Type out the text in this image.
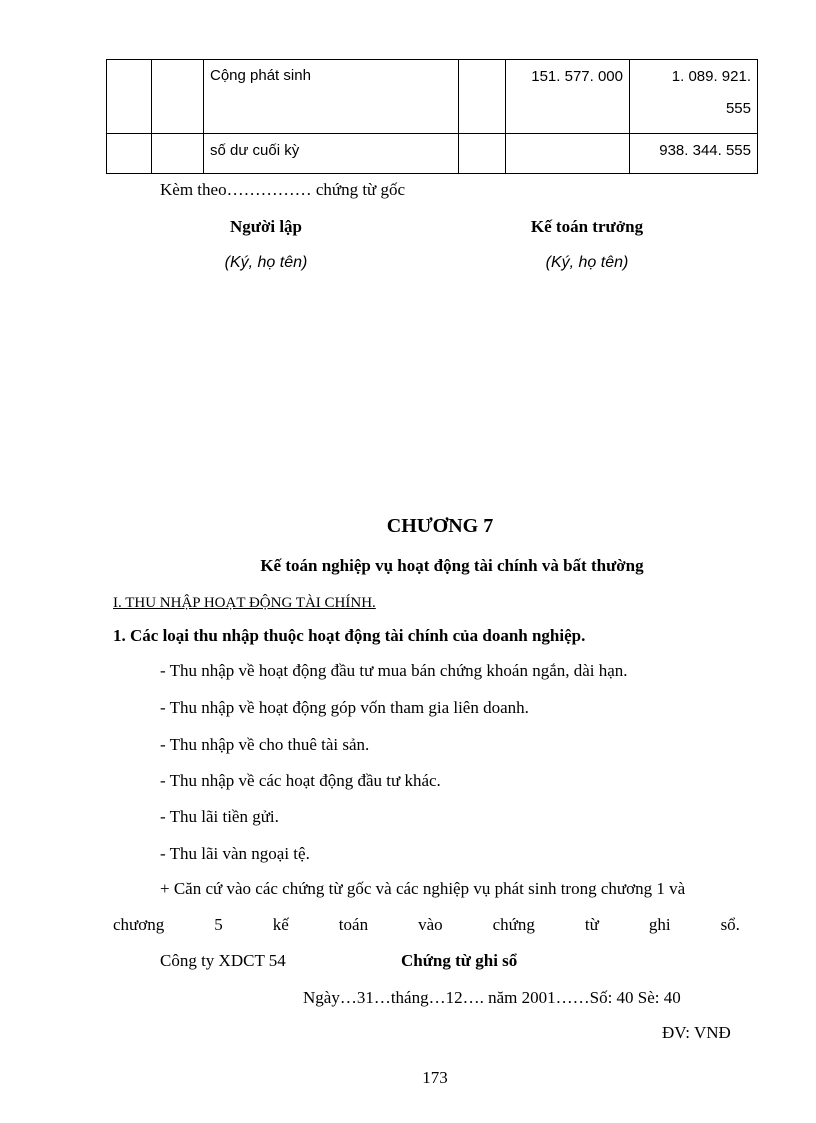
		Cộng phát sinh		151. 577. 000	1. 089. 921.
555

		số dư cuối kỳ			938. 344. 555
Kèm theo…………… chứng từ gốc
Người lập
(Ký, họ tên)
Kế toán trưởng
(Ký, họ tên)
CHƯƠNG 7
Kế toán nghiệp vụ hoạt động tài chính và bất thường
I. THU NHẬP HOẠT ĐỘNG TÀI CHÍNH.
1. Các loại thu nhập thuộc hoạt động tài chính của doanh nghiệp.
- Thu nhập về hoạt động đầu tư mua bán chứng khoán ngắn, dài hạn.
- Thu nhập về hoạt động góp vốn tham gia liên doanh.
- Thu nhập về cho thuê tài sản.
- Thu nhập về các hoạt động đầu tư khác.
- Thu lãi tiền gửi.
- Thu lãi vàn ngoại tệ.
+ Căn cứ vào các chứng từ gốc và các nghiệp vụ phát sinh trong chương 1 và
chương	5	kế	toán	vào	chứng	từ	ghi	sổ.
Công ty XDCT 54	Chứng từ ghi sổ
Ngày…31…tháng…12…. năm 2001……Số: 40 Sè: 40
ĐV: VNĐ
173
